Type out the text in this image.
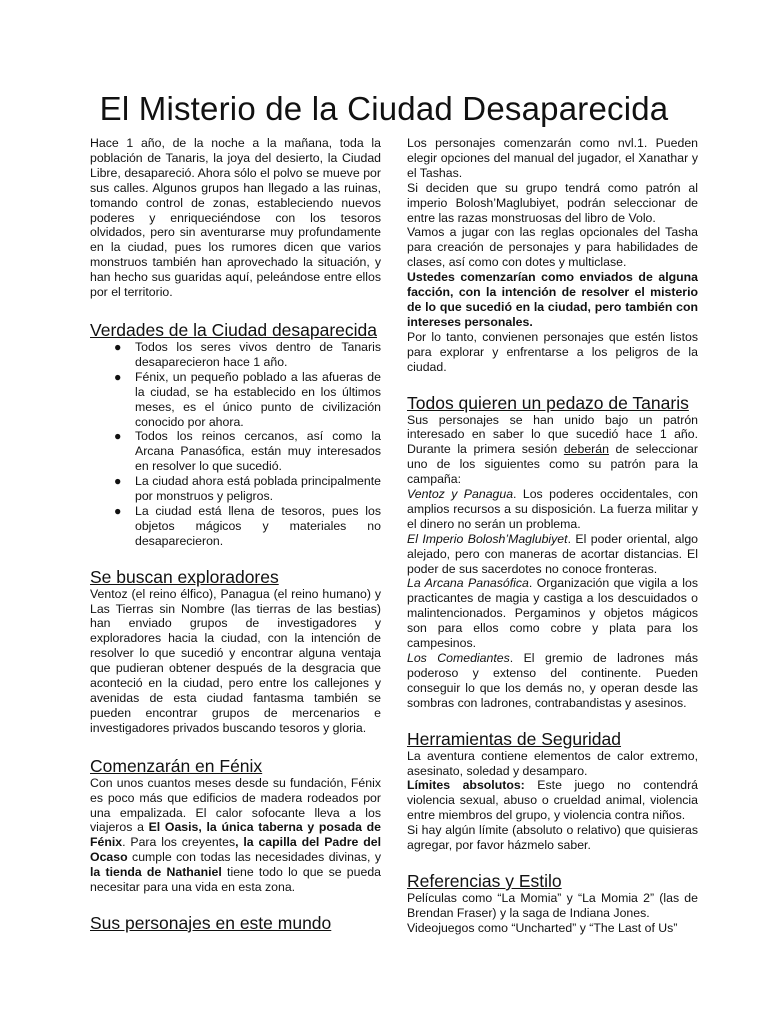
El Misterio de la Ciudad Desaparecida

Hace 1 año, de la noche a la mañana, toda la población de Tanaris, la joya del desierto, la Ciudad Libre, desapareció. Ahora sólo el polvo se mueve por sus calles. Algunos grupos han llegado a las ruinas, tomando control de zonas, estableciendo nuevos poderes y enriqueciéndose con los tesoros olvidados, pero sin aventurarse muy profundamente en la ciudad, pues los rumores dicen que varios monstruos también han aprovechado la situación, y han hecho sus guaridas aquí, peleándose entre ellos por el territorio.

Verdades de la Ciudad desaparecida
● Todos los seres vivos dentro de Tanaris desaparecieron hace 1 año.
● Fénix, un pequeño poblado a las afueras de la ciudad, se ha establecido en los últimos meses, es el único punto de civilización conocido por ahora.
● Todos los reinos cercanos, así como la Arcana Panasófica, están muy interesados en resolver lo que sucedió.
● La ciudad ahora está poblada principalmente por monstruos y peligros.
● La ciudad está llena de tesoros, pues los objetos mágicos y materiales no desaparecieron.
Se buscan exploradores

Ventoz (el reino élfico), Panagua (el reino humano) y Las Tierras sin Nombre (las tierras de las bestias) han enviado grupos de investigadores y exploradores hacia la ciudad, con la intención de resolver lo que sucedió y encontrar alguna ventaja que pudieran obtener después de la desgracia que aconteció en la ciudad, pero entre los callejones y avenidas de esta ciudad fantasma también se pueden encontrar grupos de mercenarios e investigadores privados buscando tesoros y gloria.

Comenzarán en Fénix

Con unos cuantos meses desde su fundación, Fénix es poco más que edificios de madera rodeados por una empalizada. El calor sofocante lleva a los viajeros a El Oasis, la única taberna y posada de Fénix. Para los creyentes, la capilla del Padre del Ocaso cumple con todas las necesidades divinas, y la tienda de Nathaniel tiene todo lo que se pueda necesitar para una vida en esta zona.

Sus personajes en este mundo

Los personajes comenzarán como nvl.1. Pueden elegir opciones del manual del jugador, el Xanathar y el Tashas.

Si deciden que su grupo tendrá como patrón al imperio Bolosh’Maglubiyet, podrán seleccionar de entre las razas monstruosas del libro de Volo.

Vamos a jugar con las reglas opcionales del Tasha para creación de personajes y para habilidades de clases, así como con dotes y multiclase.

Ustedes comenzarían como enviados de alguna facción, con la intención de resolver el misterio de lo que sucedió en la ciudad, pero también con intereses personales.

Por lo tanto, convienen personajes que estén listos para explorar y enfrentarse a los peligros de la ciudad.

Todos quieren un pedazo de Tanaris

Sus personajes se han unido bajo un patrón interesado en saber lo que sucedió hace 1 año. Durante la primera sesión deberán de seleccionar uno de los siguientes como su patrón para la campaña:

Ventoz y Panagua. Los poderes occidentales, con amplios recursos a su disposición. La fuerza militar y el dinero no serán un problema.

El Imperio Bolosh’Maglubiyet. El poder oriental, algo alejado, pero con maneras de acortar distancias. El poder de sus sacerdotes no conoce fronteras.

La Arcana Panasófica. Organización que vigila a los practicantes de magia y castiga a los descuidados o malintencionados. Pergaminos y objetos mágicos son para ellos como cobre y plata para los campesinos.

Los Comediantes. El gremio de ladrones más poderoso y extenso del continente. Pueden conseguir lo que los demás no, y operan desde las sombras con ladrones, contrabandistas y asesinos.

Herramientas de Seguridad

La aventura contiene elementos de calor extremo, asesinato, soledad y desamparo.

Límites absolutos: Este juego no contendrá violencia sexual, abuso o crueldad animal, violencia entre miembros del grupo, y violencia contra niños.

Si hay algún límite (absoluto o relativo) que quisieras agregar, por favor házmelo saber.

Referencias y Estilo

Películas como “La Momia” y “La Momia 2” (las de Brendan Fraser) y la saga de Indiana Jones.

Videojuegos como “Uncharted” y “The Last of Us”
